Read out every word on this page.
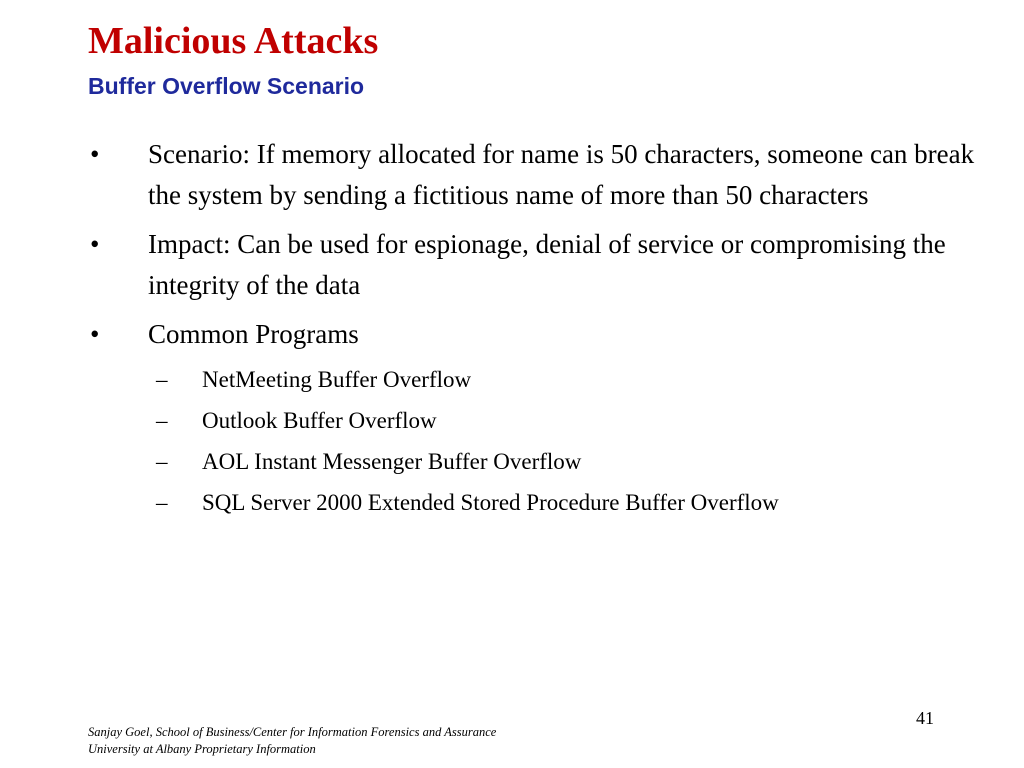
Malicious Attacks
Buffer Overflow Scenario
• Scenario: If memory allocated for name is 50 characters, someone can break the system by sending a fictitious name of more than 50 characters
• Impact: Can be used for espionage, denial of service or compromising the integrity of the data
• Common Programs
– NetMeeting Buffer Overflow
– Outlook Buffer Overflow
– AOL Instant Messenger Buffer Overflow
– SQL Server 2000 Extended Stored Procedure Buffer Overflow
41
Sanjay Goel, School of Business/Center for Information Forensics and Assurance
University at Albany Proprietary Information
